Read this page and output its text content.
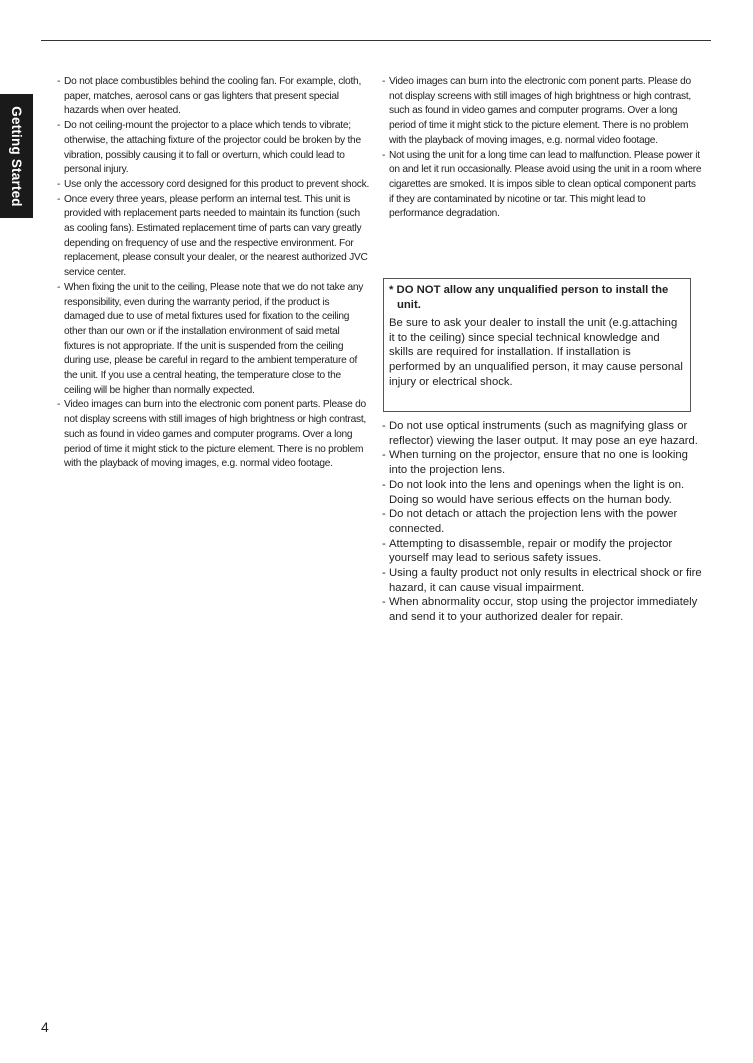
Getting Started
- Do not place combustibles behind the cooling fan. For example, cloth, paper, matches, aerosol cans or gas lighters that present special hazards when over heated.
- Do not ceiling-mount the projector to a place which tends to vibrate; otherwise, the attaching fixture of the projector could be broken by the vibration, possibly causing it to fall or overturn, which could lead to personal injury.
- Use only the accessory cord designed for this product to prevent shock.
- Once every three years, please perform an internal test. This unit is provided with replacement parts needed to maintain its function (such as cooling fans). Estimated replacement time of parts can vary greatly depending on frequency of use and the respective environment. For replacement, please consult your dealer, or the nearest authorized JVC service center.
- When fixing the unit to the ceiling, Please note that we do not take any responsibility, even during the warranty period, if the product is damaged due to use of metal fixtures used for fixation to the ceiling other than our own or if the installation environment of said metal fixtures is not appropriate. If the unit is suspended from the ceiling during use, please be careful in regard to the ambient temperature of the unit. If you use a central heating, the temperature close to the ceiling will be higher than normally expected.
- Video images can burn into the electronic com ponent parts. Please do not display screens with still images of high brightness or high contrast, such as found in video games and computer programs. Over a long period of time it might stick to the picture element. There is no problem with the playback of moving images, e.g. normal video footage.
- Video images can burn into the electronic com ponent parts. Please do not display screens with still images of high brightness or high contrast, such as found in video games and computer programs. Over a long period of time it might stick to the picture element. There is no problem with the playback of moving images, e.g. normal video footage.
- Not using the unit for a long time can lead to malfunction. Please power it on and let it run occasionally. Please avoid using the unit in a room where cigarettes are smoked. It is impos sible to clean optical component parts if they are contaminated by nicotine or tar. This might lead to performance degradation.
* DO NOT allow any unqualified person to install the unit.
Be sure to ask your dealer to install the unit (e.g.attaching it to the ceiling) since special technical knowledge and skills are required for installation. If installation is performed by an unqualified person, it may cause personal injury or electrical shock.
- Do not use optical instruments (such as magnifying glass or reflector) viewing the laser output. It may pose an eye hazard.
- When turning on the projector, ensure that no one is looking into the projection lens.
- Do not look into the lens and openings when the light is on. Doing so would have serious effects on the human body.
- Do not detach or attach the projection lens with the power connected.
- Attempting to disassemble, repair or modify the projector yourself may lead to serious safety issues.
- Using a faulty product not only results in electrical shock or fire hazard, it can cause visual impairment.
- When abnormality occur, stop using the projector immediately and send it to your authorized dealer for repair.
4
